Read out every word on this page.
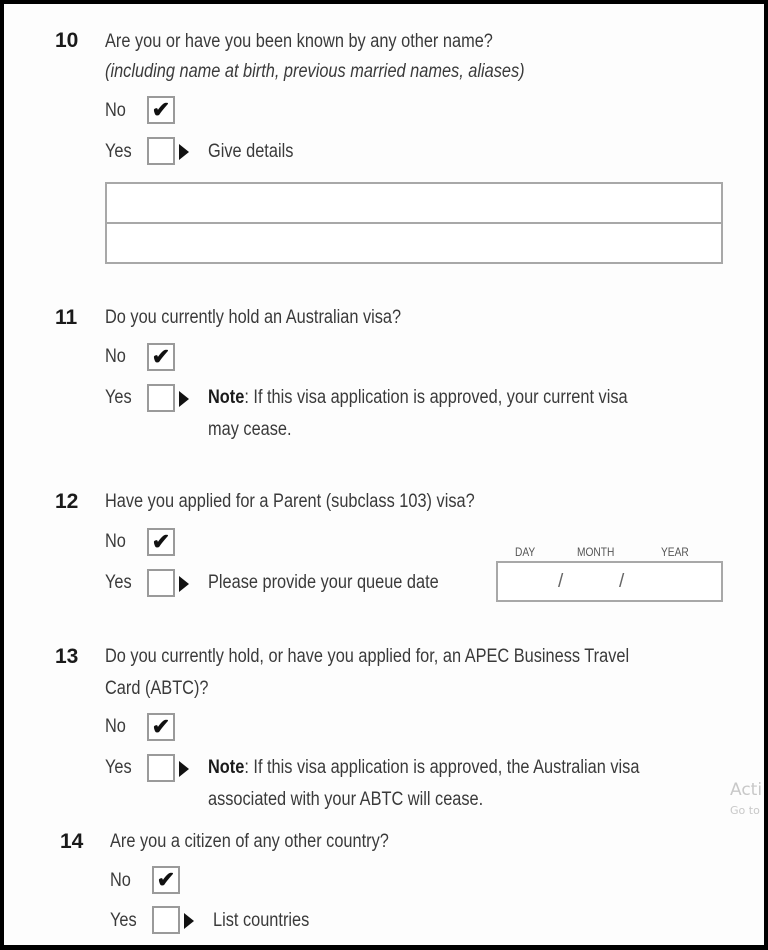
10 Are you or have you been known by any other name?
(including name at birth, previous married names, aliases)
No ✔
Yes	Give details
11 Do you currently hold an Australian visa?
No ✔
Yes	Note: If this visa application is approved, your current visa
may cease.
12 Have you applied for a Parent (subclass 103) visa?
No ✔
Yes	Please provide your queue date
DAY	MONTH	YEAR
/	/
13 Do you currently hold, or have you applied for, an APEC Business Travel
Card (ABTC)?
No ✔
Yes	Note: If this visa application is approved, the Australian visa
associated with your ABTC will cease.	Acti
Go to
14 Are you a citizen of any other country?
No ✔
Yes	List countries
